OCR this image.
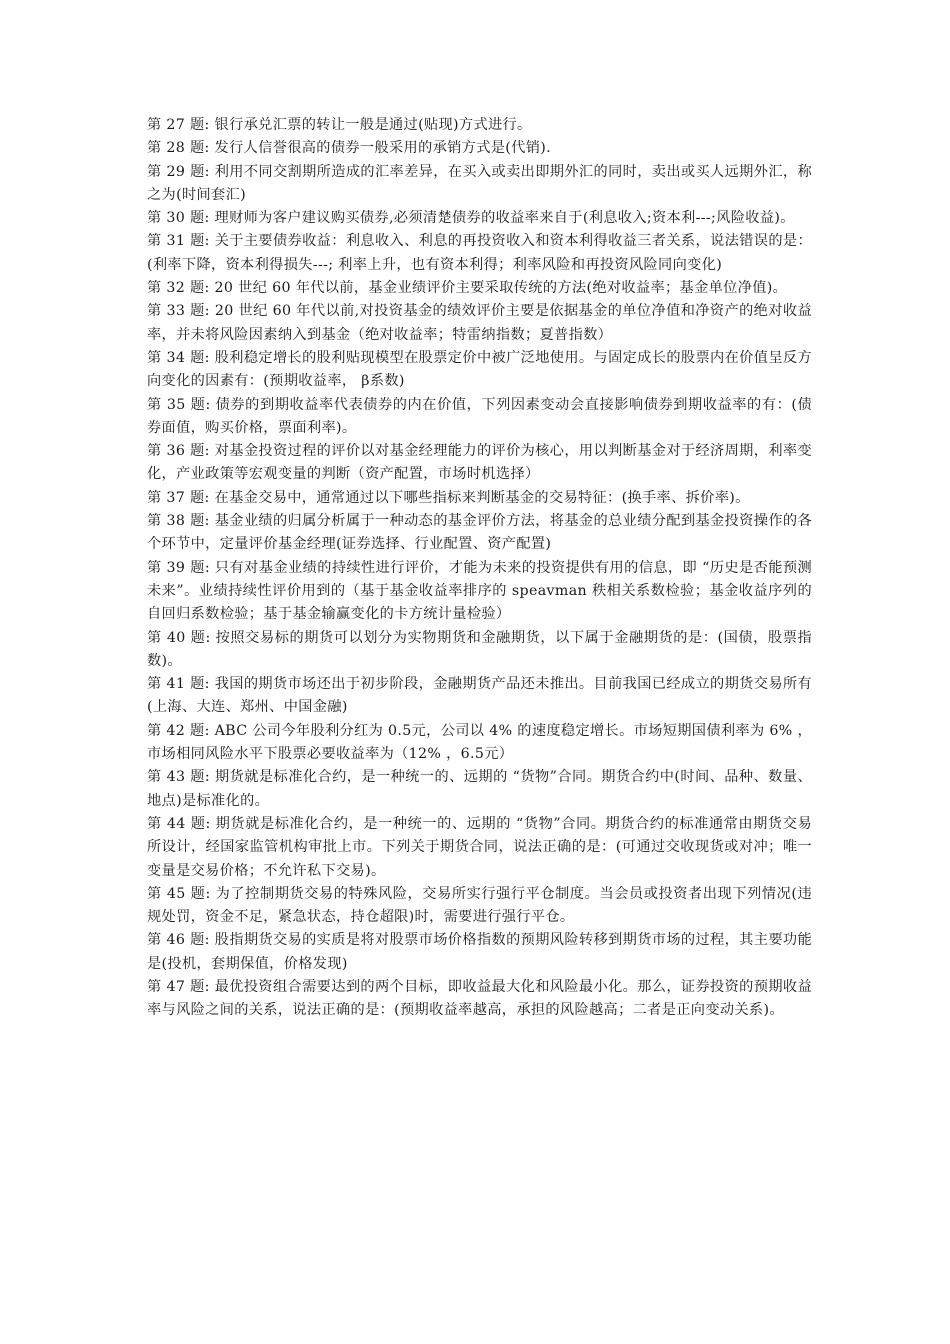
第 27 题: 银行承兑汇票的转让一般是通过(贴现)方式进行。

第 28 题: 发行人信誉很高的债券一般采用的承销方式是(代销).

第 29 题: 利用不同交割期所造成的汇率差异，在买入或卖出即期外汇的同时，卖出或买人远期外汇，称之为(时间套汇)

第 30 题: 理财师为客户建议购买债券,必须清楚债券的收益率来自于(利息收入;资本利---;风险收益)。

第 31 题: 关于主要债券收益：利息收入、利息的再投资收入和资本利得收益三者关系，说法错误的是：(利率下降，资本利得损失---; 利率上升，也有资本利得；利率风险和再投资风险同向变化)

第 32 题: 20 世纪 60 年代以前，基金业绩评价主要采取传统的方法(绝对收益率；基金单位净值)。

第 33 题: 20 世纪 60 年代以前,对投资基金的绩效评价主要是依据基金的单位净值和净资产的绝对收益率，并未将风险因素纳入到基金（绝对收益率；特雷纳指数；夏普指数）

第 34 题: 股利稳定增长的股利贴现模型在股票定价中被广泛地使用。与固定成长的股票内在价值呈反方向变化的因素有：(预期收益率， β系数)

第 35 题: 债券的到期收益率代表债券的内在价值，下列因素变动会直接影响债券到期收益率的有：(债券面值，购买价格，票面利率)。

第 36 题: 对基金投资过程的评价以对基金经理能力的评价为核心，用以判断基金对于经济周期，利率变化，产业政策等宏观变量的判断（资产配置，市场时机选择）

第 37 题: 在基金交易中，通常通过以下哪些指标来判断基金的交易特征：(换手率、拆价率)。

第 38 题: 基金业绩的归属分析属于一种动态的基金评价方法，将基金的总业绩分配到基金投资操作的各个环节中，定量评价基金经理(证券选择、行业配置、资产配置)

第 39 题: 只有对基金业绩的持续性进行评价，才能为未来的投资提供有用的信息，即 “历史是否能预测未来”。业绩持续性评价用到的（基于基金收益率排序的 speavman 秩相关系数检验；基金收益序列的自回归系数检验；基于基金输赢变化的卡方统计量检验）

第 40 题: 按照交易标的期货可以划分为实物期货和金融期货，以下属于金融期货的是：(国债，股票指数)。

第 41 题: 我国的期货市场还出于初步阶段，金融期货产品还未推出。目前我国已经成立的期货交易所有(上海、大连、郑州、中国金融)

第 42 题: ABC 公司今年股利分红为 0.5元，公司以 4% 的速度稳定增长。市场短期国债利率为 6% ，市场相同风险水平下股票必要收益率为（12% ，6.5元）

第 43 题: 期货就是标准化合约，是一种统一的、远期的 “货物”合同。期货合约中(时间、品种、数量、地点)是标准化的。

第 44 题: 期货就是标准化合约，是一种统一的、远期的 “货物”合同。期货合约的标准通常由期货交易所设计，经国家监管机构审批上市。下列关于期货合同，说法正确的是：(可通过交收现货或对冲；唯一变量是交易价格；不允许私下交易)。

第 45 题: 为了控制期货交易的特殊风险，交易所实行强行平仓制度。当会员或投资者出现下列情况(违规处罚，资金不足，紧急状态，持仓超限)时，需要进行强行平仓。

第 46 题: 股指期货交易的实质是将对股票市场价格指数的预期风险转移到期货市场的过程，其主要功能是(投机，套期保值，价格发现)

第 47 题: 最优投资组合需要达到的两个目标，即收益最大化和风险最小化。那么，证券投资的预期收益率与风险之间的关系，说法正确的是：(预期收益率越高，承担的风险越高；二者是正向变动关系)。
